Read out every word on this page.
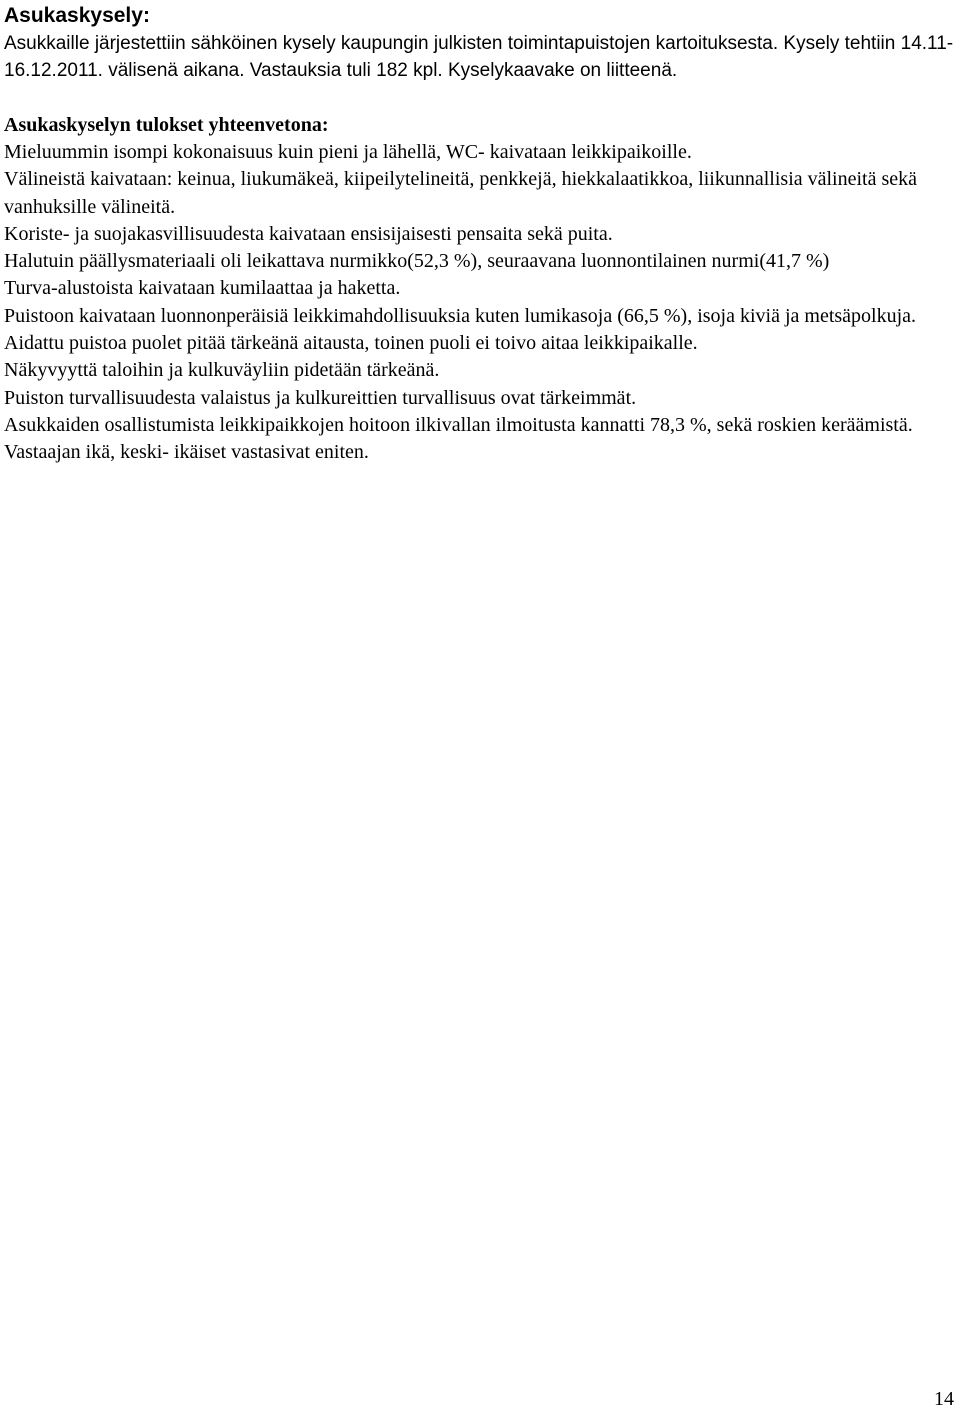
Asukaskysely:

Asukkaille järjestettiin sähköinen kysely kaupungin julkisten toimintapuistojen kartoituksesta. Kysely tehtiin 14.11- 16.12.2011. välisenä aikana. Vastauksia tuli 182 kpl. Kyselykaavake on liitteenä.

Asukaskyselyn tulokset yhteenvetona:

Mieluummin isompi kokonaisuus kuin pieni ja lähellä, WC- kaivataan leikkipaikoille.

Välineistä kaivataan: keinua, liukumäkeä, kiipeilytelineitä, penkkejä, hiekkalaatikkoa, liikunnallisia välineitä sekä vanhuksille välineitä.

Koriste- ja suojakasvillisuudesta kaivataan ensisijaisesti pensaita sekä puita.

Halutuin päällysmateriaali oli leikattava nurmikko(52,3 %), seuraavana luonnontilainen nurmi(41,7 %)

Turva-alustoista kaivataan kumilaattaa ja haketta.

Puistoon kaivataan luonnonperäisiä leikkimahdollisuuksia kuten lumikasoja (66,5 %), isoja kiviä ja metsäpolkuja.

Aidattu puistoa puolet pitää tärkeänä aitausta, toinen puoli ei toivo aitaa leikkipaikalle.

Näkyvyyttä taloihin ja kulkuväyliin pidetään tärkeänä.

Puiston turvallisuudesta valaistus ja kulkureittien turvallisuus ovat tärkeimmät.

Asukkaiden osallistumista leikkipaikkojen hoitoon ilkivallan ilmoitusta kannatti 78,3 %, sekä roskien keräämistä.

Vastaajan ikä, keski- ikäiset vastasivat eniten.

14
